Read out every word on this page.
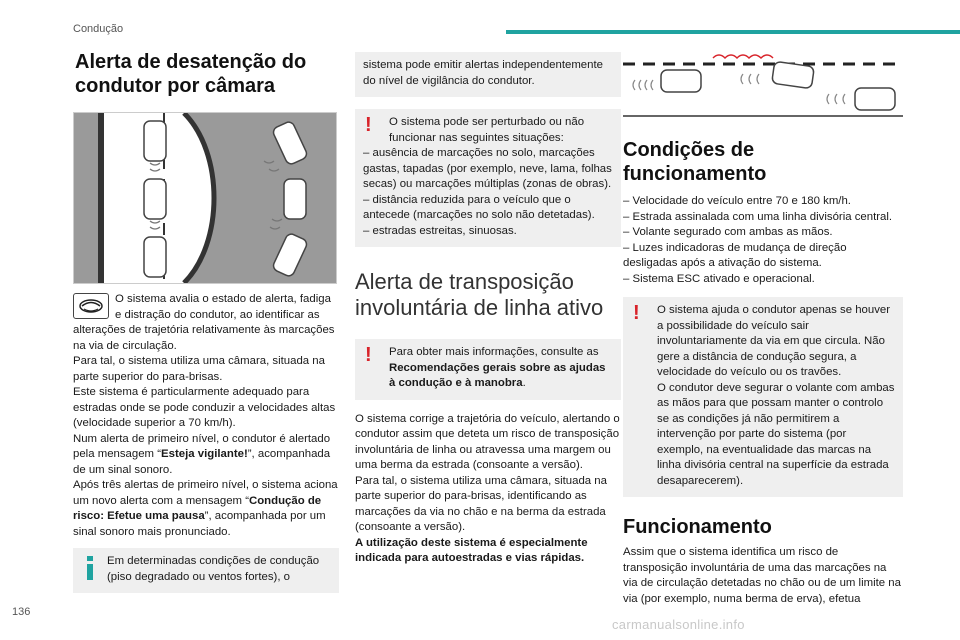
Condução
Alerta de desatenção do condutor por câmara

O sistema avalia o estado de alerta, fadiga e distração do condutor, ao identificar as alterações de trajetória relativamente às marcações na via de circulação.

Para tal, o sistema utiliza uma câmara, situada na parte superior do para-brisas.

Este sistema é particularmente adequado para estradas onde se pode conduzir a velocidades altas (velocidade superior a 70 km/h).

Num alerta de primeiro nível, o condutor é alertado pela mensagem “Esteja vigilante!”, acompanhada de um sinal sonoro.

Após três alertas de primeiro nível, o sistema aciona um novo alerta com a mensagem “Condução de risco: Efetue uma pausa”, acompanhada por um sinal sonoro mais pronunciado.

Em determinadas condições de condução (piso degradado ou ventos fortes), o

sistema pode emitir alertas independentemente do nível de vigilância do condutor.

! O sistema pode ser perturbado ou não funcionar nas seguintes situações:

– ausência de marcações no solo, marcações gastas, tapadas (por exemplo, neve, lama, folhas secas) ou marcações múltiplas (zonas de obras).

– distância reduzida para o veículo que o antecede (marcações no solo não detetadas).

– estradas estreitas, sinuosas.

Alerta de transposição involuntária de linha ativo
! Para obter mais informações, consulte as Recomendações gerais sobre as ajudas à condução e à manobra.

O sistema corrige a trajetória do veículo, alertando o condutor assim que deteta um risco de transposição involuntária de linha ou atravessa uma margem ou uma berma da estrada (consoante a versão).

Para tal, o sistema utiliza uma câmara, situada na parte superior do para-brisas, identificando as marcações da via no chão e na berma da estrada (consoante a versão).

A utilização deste sistema é especialmente indicada para autoestradas e vias rápidas.

Condições de funcionamento

– Velocidade do veículo entre 70 e 180 km/h.

– Estrada assinalada com uma linha divisória central.

– Volante segurado com ambas as mãos.

– Luzes indicadoras de mudança de direção desligadas após a ativação do sistema.

– Sistema ESC ativado e operacional.

! O sistema ajuda o condutor apenas se houver a possibilidade do veículo sair involuntariamente da via em que circula. Não gere a distância de condução segura, a velocidade do veículo ou os travões.

O condutor deve segurar o volante com ambas as mãos para que possam manter o controlo se as condições já não permitirem a intervenção por parte do sistema (por exemplo, na eventualidade das marcas na linha divisória central na superfície da estrada desaparecerem).

Funcionamento

Assim que o sistema identifica um risco de transposição involuntária de uma das marcações na via de circulação detetadas no chão ou de um limite na via (por exemplo, numa berma de erva), efetua

136
carmanualsonline.info
